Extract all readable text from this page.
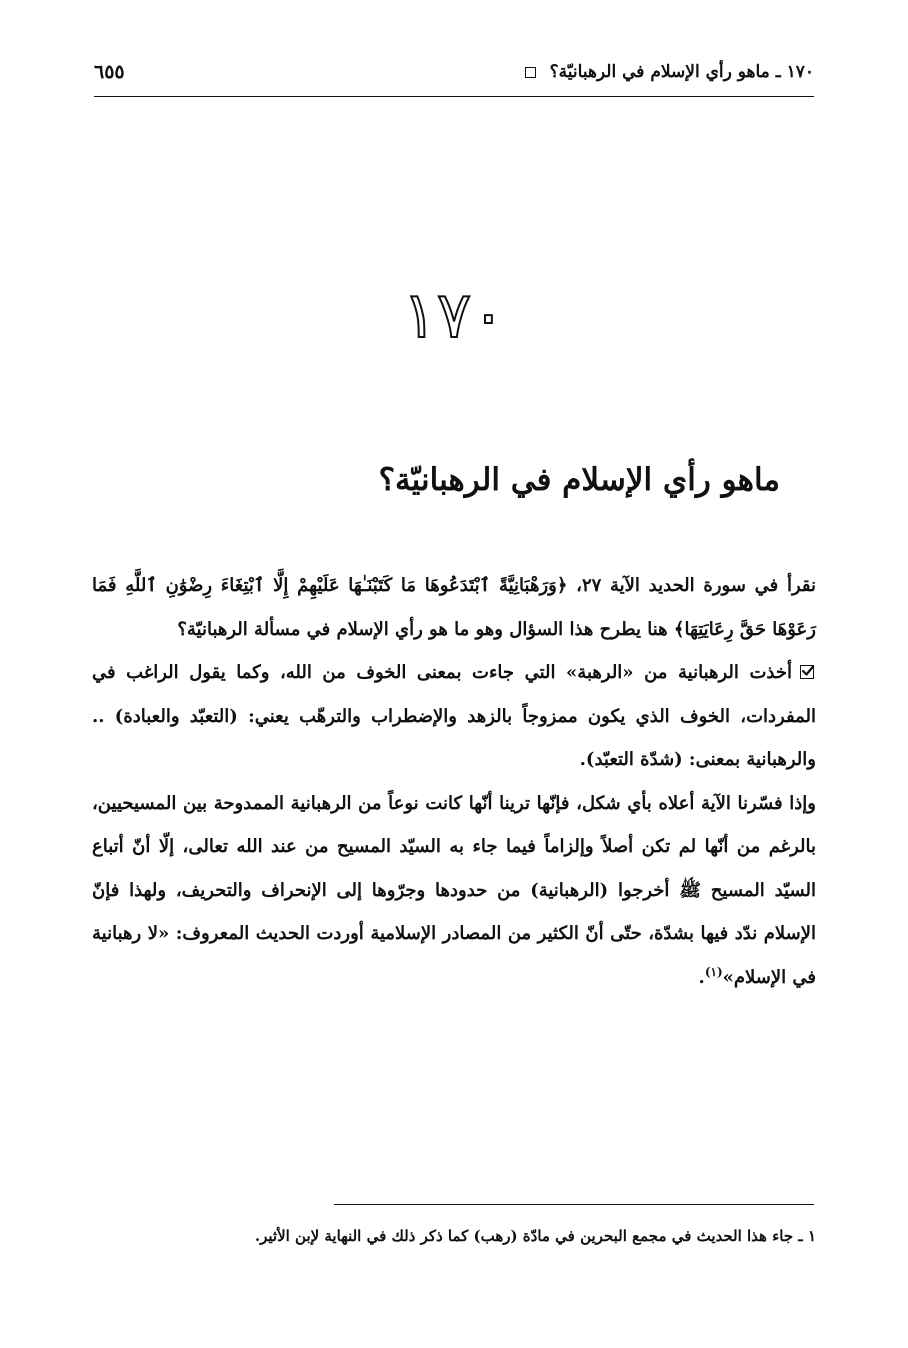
١٧٠ ـ ماهو رأي الإسلام في الرهبانيّة؟
٦٥٥
١٧٠
ماهو رأي الإسلام في الرهبانيّة؟

نقرأ في سورة الحديد الآية ٢٧، ﴿وَرَهْبَانِيَّةً ٱبْتَدَعُوهَا مَا كَتَبْنَـٰهَا عَلَيْهِمْ إِلَّا ٱبْتِغَاءَ رِضْوَٰنِ ٱللَّهِ فَمَا رَعَوْهَا حَقَّ رِعَايَتِهَا﴾ هنا يطرح هذا السؤال وهو ما هو رأي الإسلام في مسألة الرهبانيّة؟

أخذت الرهبانية من «الرهبة» التي جاءت بمعنى الخوف من الله، وكما يقول الراغب في المفردات، الخوف الذي يكون ممزوجاً بالزهد والإضطراب والترهّب يعني: (التعبّد والعبادة) .. والرهبانية بمعنى: (شدّة التعبّد).

وإذا فسّرنا الآية أعلاه بأي شكل، فإنّها ترينا أنّها كانت نوعاً من الرهبانية الممدوحة بين المسيحيين، بالرغم من أنّها لم تكن أصلاً وإلزاماً فيما جاء به السيّد المسيح من عند الله تعالى، إلّا أنّ أتباع السيّد المسيح ﷺ أخرجوا (الرهبانية) من حدودها وجرّوها إلى الإنحراف والتحريف، ولهذا فإنّ الإسلام ندّد فيها بشدّة، حتّى أنّ الكثير من المصادر الإسلامية أوردت الحديث المعروف: «لا رهبانية في الإسلام»$^{(١)}$.

١ ـ جاء هذا الحديث في مجمع البحرين في مادّة (رهب) كما ذكر ذلك في النهاية لإبن الأثير.
